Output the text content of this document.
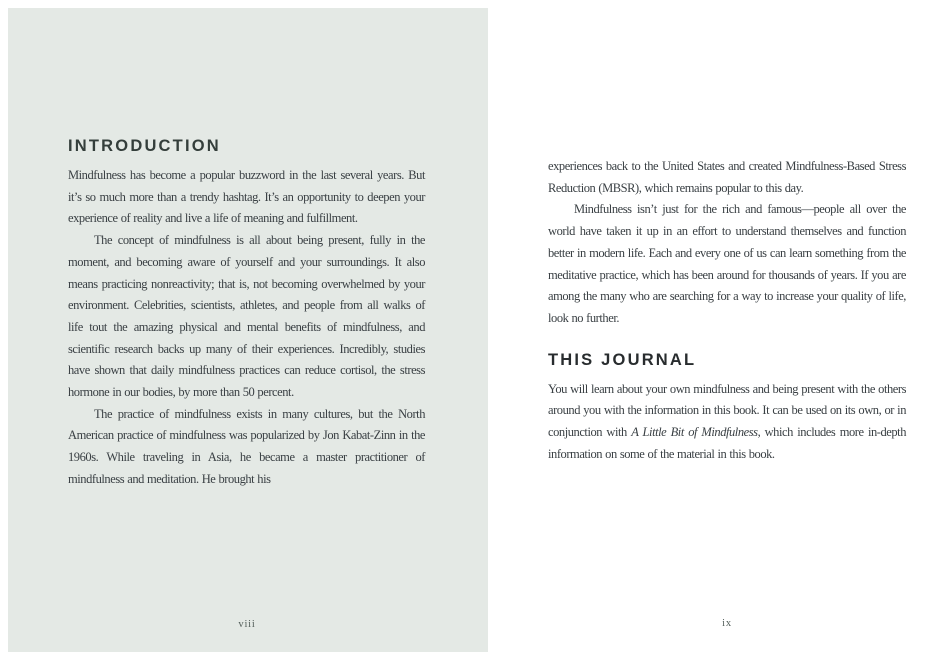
INTRODUCTION

Mindfulness has become a popular buzzword in the last several years. But it’s so much more than a trendy hashtag. It’s an opportunity to deepen your experience of reality and live a life of meaning and fulfillment.

The concept of mindfulness is all about being present, fully in the moment, and becoming aware of yourself and your surroundings. It also means practicing nonreactivity; that is, not becoming overwhelmed by your environment. Celebrities, scientists, athletes, and people from all walks of life tout the amazing physical and mental benefits of mindfulness, and scientific research backs up many of their experiences. Incredibly, studies have shown that daily mindfulness practices can reduce cortisol, the stress hormone in our bodies, by more than 50 percent.

The practice of mindfulness exists in many cultures, but the North American practice of mindfulness was popularized by Jon Kabat-Zinn in the 1960s. While traveling in Asia, he became a master practitioner of mindfulness and meditation. He brought his

viii

experiences back to the United States and created Mindfulness-Based Stress Reduction (MBSR), which remains popular to this day.

Mindfulness isn’t just for the rich and famous—people all over the world have taken it up in an effort to understand themselves and function better in modern life. Each and every one of us can learn something from the meditative practice, which has been around for thousands of years. If you are among the many who are searching for a way to increase your quality of life, look no further.

THIS JOURNAL

You will learn about your own mindfulness and being present with the others around you with the information in this book. It can be used on its own, or in conjunction with A Little Bit of Mindfulness, which includes more in-depth information on some of the material in this book.

ix
